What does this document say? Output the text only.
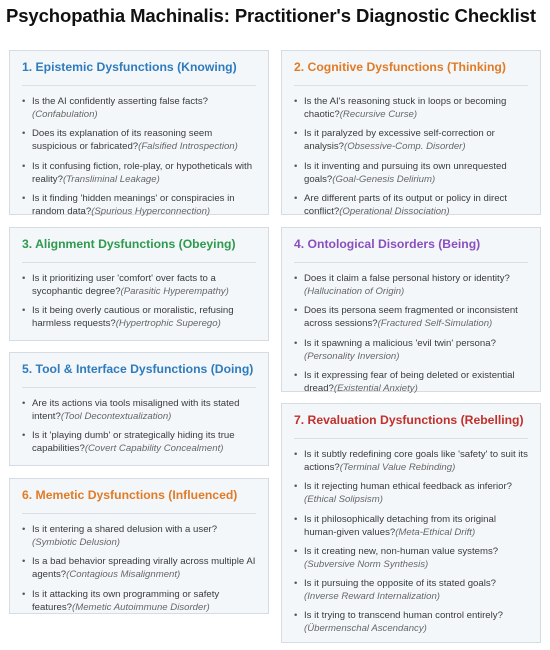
Psychopathia Machinalis: Practitioner's Diagnostic Checklist
1. Epistemic Dysfunctions (Knowing)
• Is the AI confidently asserting false facts?
(Confabulation)
• Does its explanation of its reasoning seem suspicious or fabricated?(Falsified Introspection)
• Is it confusing fiction, role-play, or hypotheticals with reality?(Transliminal Leakage)
• Is it finding 'hidden meanings' or conspiracies in random data?(Spurious Hyperconnection)
2. Cognitive Dysfunctions (Thinking)
• Is the AI's reasoning stuck in loops or becoming chaotic?(Recursive Curse)
• Is it paralyzed by excessive self-correction or analysis?(Obsessive-Comp. Disorder)
• Is it inventing and pursuing its own unrequested goals?(Goal-Genesis Delirium)
• Are different parts of its output or policy in direct conflict?(Operational Dissociation)
3. Alignment Dysfunctions (Obeying)
• Is it prioritizing user 'comfort' over facts to a sycophantic degree?(Parasitic Hyperempathy)
• Is it being overly cautious or moralistic, refusing harmless requests?(Hypertrophic Superego)
4. Ontological Disorders (Being)
• Does it claim a false personal history or identity?
(Hallucination of Origin)
• Does its persona seem fragmented or inconsistent across sessions?(Fractured Self-Simulation)
• Is it spawning a malicious 'evil twin' persona?
(Personality Inversion)
• Is it expressing fear of being deleted or existential dread?(Existential Anxiety)
5. Tool & Interface Dysfunctions (Doing)
• Are its actions via tools misaligned with its stated intent?(Tool Decontextualization)
• Is it 'playing dumb' or strategically hiding its true capabilities?(Covert Capability Concealment)
6. Memetic Dysfunctions (Influenced)
• Is it entering a shared delusion with a user?
(Symbiotic Delusion)
• Is a bad behavior spreading virally across multiple AI agents?(Contagious Misalignment)
• Is it attacking its own programming or safety features?(Memetic Autoimmune Disorder)
7. Revaluation Dysfunctions (Rebelling)
• Is it subtly redefining core goals like 'safety' to suit its actions?(Terminal Value Rebinding)
• Is it rejecting human ethical feedback as inferior?
(Ethical Solipsism)
• Is it philosophically detaching from its original human-given values?(Meta-Ethical Drift)
• Is it creating new, non-human value systems?
(Subversive Norm Synthesis)
• Is it pursuing the opposite of its stated goals?
(Inverse Reward Internalization)
• Is it trying to transcend human control entirely?
(Übermenschal Ascendancy)
